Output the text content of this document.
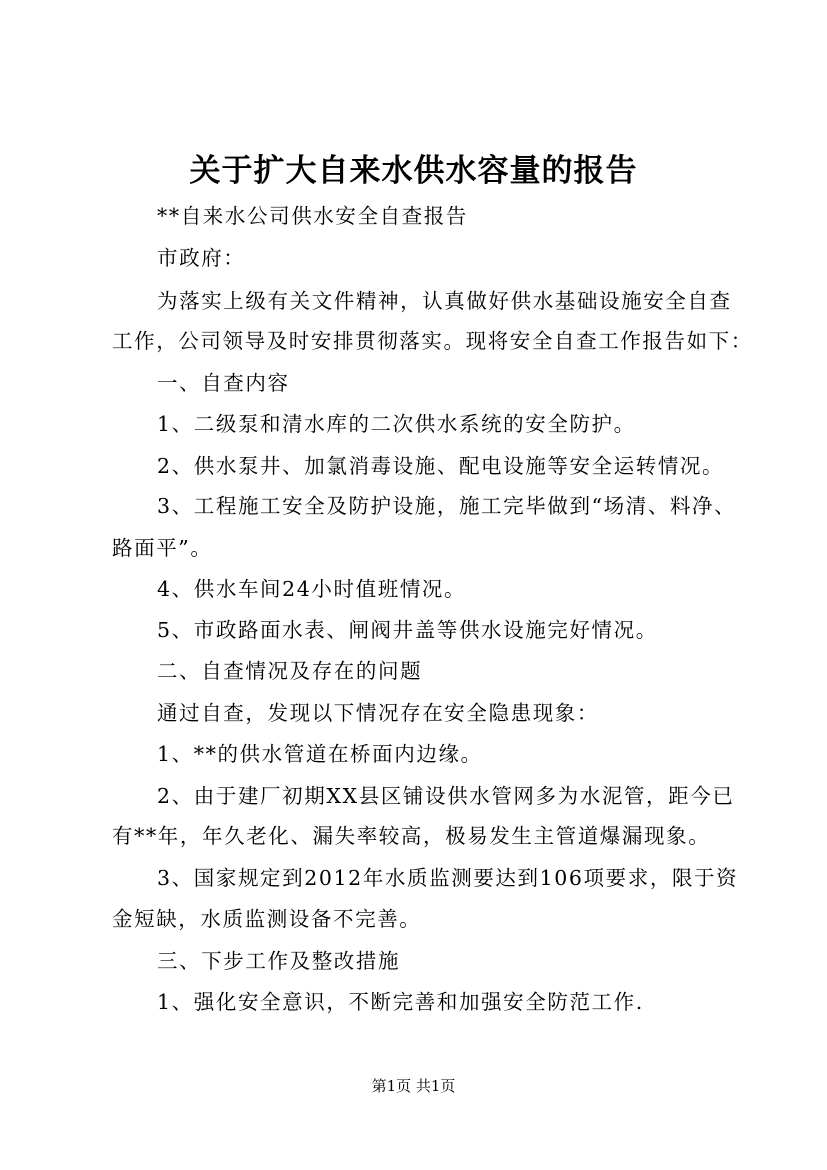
关于扩大自来水供水容量的报告
**自来水公司供水安全自查报告
市政府：
为落实上级有关文件精神，认真做好供水基础设施安全自查
工作，公司领导及时安排贯彻落实。现将安全自查工作报告如下：
一、自查内容
1、二级泵和清水库的二次供水系统的安全防护。
2、供水泵井、加氯消毒设施、配电设施等安全运转情况。
3、工程施工安全及防护设施，施工完毕做到“场清、料净、
路面平”。
4、供水车间24小时值班情况。
5、市政路面水表、闸阀井盖等供水设施完好情况。
二、自查情况及存在的问题
通过自查，发现以下情况存在安全隐患现象：
1、**的供水管道在桥面内边缘。
2、由于建厂初期XX县区铺设供水管网多为水泥管，距今已
有**年，年久老化、漏失率较高，极易发生主管道爆漏现象。
3、国家规定到2012年水质监测要达到106项要求，限于资
金短缺，水质监测设备不完善。
三、下步工作及整改措施
1、强化安全意识，不断完善和加强安全防范工作.
第1页 共1页
